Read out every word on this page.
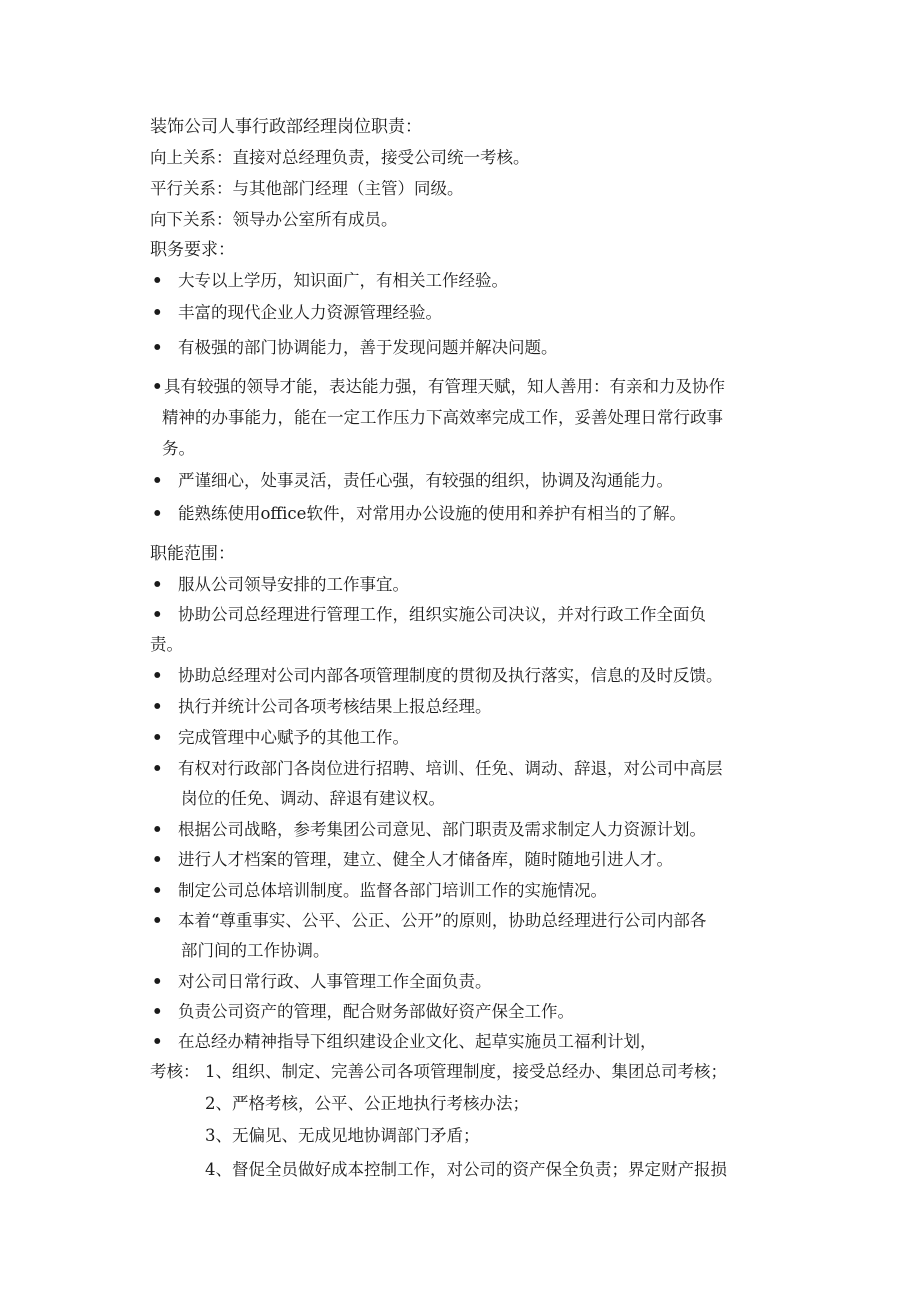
装饰公司人事行政部经理岗位职责：
向上关系：直接对总经理负责，接受公司统一考核。
平行关系：与其他部门经理（主管）同级。
向下关系：领导办公室所有成员。
职务要求：
• 大专以上学历，知识面广，有相关工作经验。
• 丰富的现代企业人力资源管理经验。
• 有极强的部门协调能力，善于发现问题并解决问题。
• 具有较强的领导才能，表达能力强，有管理天赋，知人善用：有亲和力及协作
精神的办事能力，能在一定工作压力下高效率完成工作，妥善处理日常行政事
务。
• 严谨细心，处事灵活，责任心强，有较强的组织，协调及沟通能力。
• 能熟练使用office软件，对常用办公设施的使用和养护有相当的了解。
职能范围：
• 服从公司领导安排的工作事宜。
• 协助公司总经理进行管理工作，组织实施公司决议，并对行政工作全面负
责。
• 协助总经理对公司内部各项管理制度的贯彻及执行落实，信息的及时反馈。
• 执行并统计公司各项考核结果上报总经理。
• 完成管理中心赋予的其他工作。
• 有权对行政部门各岗位进行招聘、培训、任免、调动、辞退，对公司中高层
岗位的任免、调动、辞退有建议权。
• 根据公司战略，参考集团公司意见、部门职责及需求制定人力资源计划。
• 进行人才档案的管理，建立、健全人才储备库，随时随地引进人才。
• 制定公司总体培训制度。监督各部门培训工作的实施情况。
• 本着“尊重事实、公平、公正、公开”的原则，协助总经理进行公司内部各
部门间的工作协调。
• 对公司日常行政、人事管理工作全面负责。
• 负责公司资产的管理，配合财务部做好资产保全工作。
• 在总经办精神指导下组织建设企业文化、起草实施员工福利计划，
考核： 1、组织、制定、完善公司各项管理制度，接受总经办、集团总司考核；
2、严格考核，公平、公正地执行考核办法；
3、无偏见、无成见地协调部门矛盾；
4、督促全员做好成本控制工作，对公司的资产保全负责；界定财产报损
